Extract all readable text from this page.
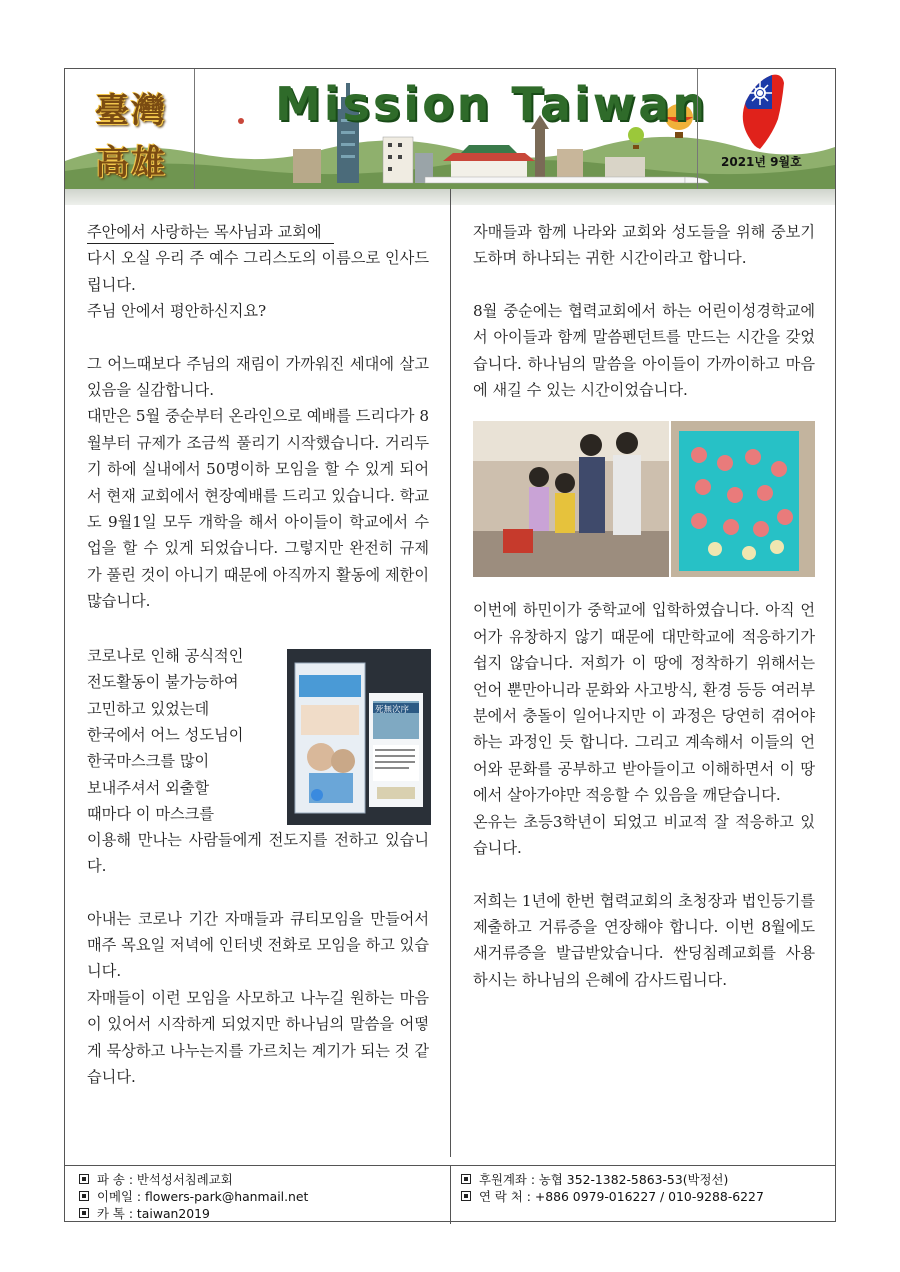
臺灣
高雄
Mission Taiwan
2021년 9월호

주안에서 사랑하는 목사님과 교회에

다시 오실 우리 주 예수 그리스도의 이름으로 인사드립니다.

주님 안에서 평안하신지요?

그 어느때보다 주님의 재림이 가까워진 세대에 살고 있음을 실감합니다.

대만은 5월 중순부터 온라인으로 예배를 드리다가 8월부터 규제가 조금씩 풀리기 시작했습니다. 거리두기 하에 실내에서 50명이하 모임을 할 수 있게 되어서 현재 교회에서 현장예배를 드리고 있습니다. 학교도 9월1일 모두 개학을 해서 아이들이 학교에서 수업을 할 수 있게 되었습니다. 그렇지만 완전히 규제가 풀린 것이 아니기 때문에 아직까지 활동에 제한이 많습니다.

코로나로 인해 공식적인

전도활동이 불가능하여

고민하고 있었는데

한국에서 어느 성도님이

한국마스크를 많이

보내주셔서 외출할

때마다 이 마스크를

死無次序

이용해 만나는 사람들에게 전도지를 전하고 있습니다.

아내는 코로나 기간 자매들과 큐티모임을 만들어서 매주 목요일 저녁에 인터넷 전화로 모임을 하고 있습니다.

자매들이 이런 모임을 사모하고 나누길 원하는 마음이 있어서 시작하게 되었지만 하나님의 말씀을 어떻게 묵상하고 나누는지를 가르치는 계기가 되는 것 같습니다.

자매들과 함께 나라와 교회와 성도들을 위해 중보기도하며 하나되는 귀한 시간이라고 합니다.

8월 중순에는 협력교회에서 하는 어린이성경학교에서 아이들과 함께 말씀펜던트를 만드는 시간을 갖었습니다. 하나님의 말씀을 아이들이 가까이하고 마음에 새길 수 있는 시간이었습니다.

이번에 하민이가 중학교에 입학하였습니다. 아직 언어가 유창하지 않기 때문에 대만학교에 적응하기가 쉽지 않습니다. 저희가 이 땅에 정착하기 위해서는 언어 뿐만아니라 문화와 사고방식, 환경 등등 여러부분에서 충돌이 일어나지만 이 과정은 당연히 겪어야하는 과정인 듯 합니다. 그리고 계속해서 이들의 언어와 문화를 공부하고 받아들이고 이해하면서 이 땅에서 살아가야만 적응할 수 있음을 깨닫습니다.

온유는 초등3학년이 되었고 비교적 잘 적응하고 있습니다.

저희는 1년에 한번 협력교회의 초청장과 법인등기를 제출하고 거류증을 연장해야 합니다. 이번 8월에도 새거류증을 발급받았습니다. 싼딩침례교회를 사용하시는 하나님의 은혜에 감사드립니다.

파 송 : 반석성서침례교회
이메일 : flowers-park@hanmail.net
카 톡 : taiwan2019
후원계좌 : 농협 352-1382-5863-53(박정선)
연 락 처 : +886 0979-016227 / 010-9288-6227
